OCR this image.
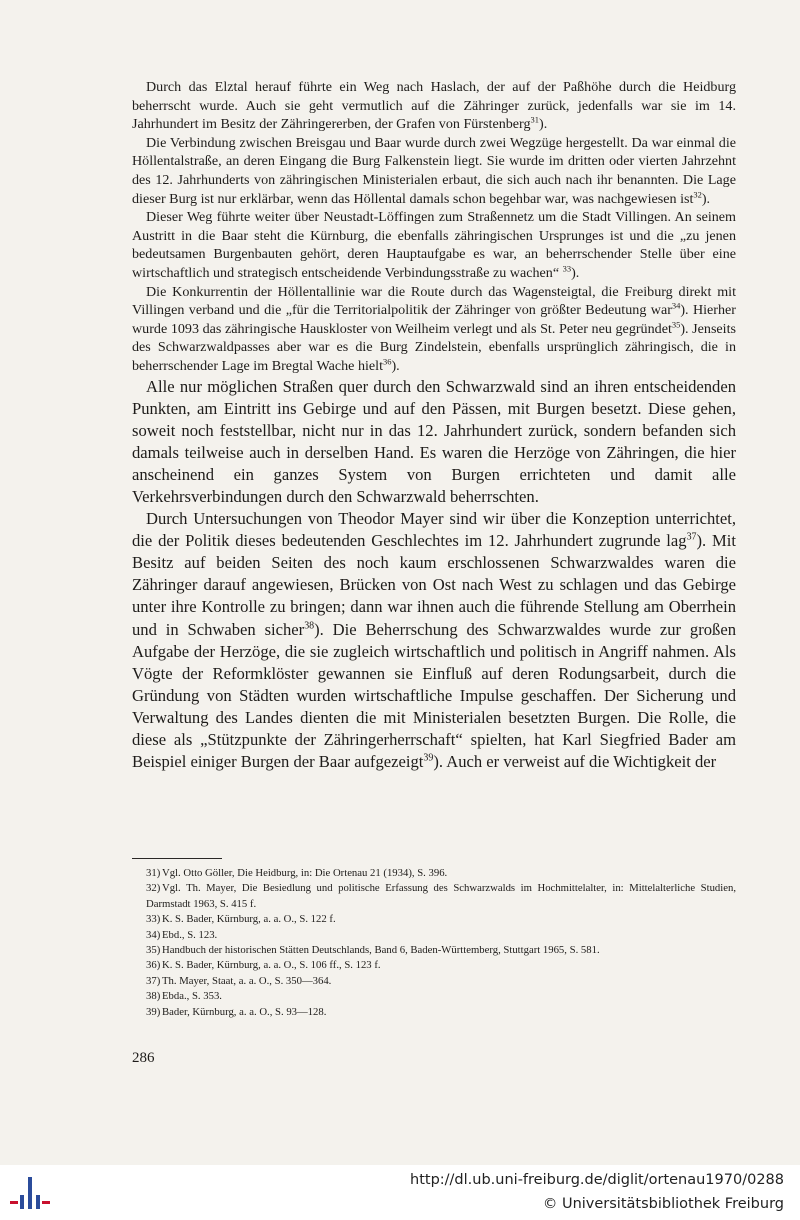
Durch das Elztal herauf führte ein Weg nach Haslach, der auf der Paßhöhe durch die Heidburg beherrscht wurde. Auch sie geht vermutlich auf die Zähringer zurück, jedenfalls war sie im 14. Jahrhundert im Besitz der Zähringererben, der Grafen von Fürstenberg$^{31}$).

Die Verbindung zwischen Breisgau und Baar wurde durch zwei Wegzüge hergestellt. Da war einmal die Höllentalstraße, an deren Eingang die Burg Falkenstein liegt. Sie wurde im dritten oder vierten Jahrzehnt des 12. Jahrhunderts von zähringischen Ministerialen erbaut, die sich auch nach ihr benannten. Die Lage dieser Burg ist nur erklärbar, wenn das Höllental damals schon begehbar war, was nachgewiesen ist$^{32}$).

Dieser Weg führte weiter über Neustadt-Löffingen zum Straßennetz um die Stadt Villingen. An seinem Austritt in die Baar steht die Kürnburg, die ebenfalls zähringischen Ursprunges ist und die „zu jenen bedeutsamen Burgenbauten gehört, deren Hauptaufgabe es war, an beherrschender Stelle über eine wirtschaftlich und strategisch entscheidende Verbindungsstraße zu wachen“ $^{33}$).

Die Konkurrentin der Höllentallinie war die Route durch das Wagensteigtal, die Freiburg direkt mit Villingen verband und die „für die Territorialpolitik der Zähringer von größter Bedeutung war$^{34}$). Hierher wurde 1093 das zähringische Hauskloster von Weilheim verlegt und als St. Peter neu gegründet$^{35}$). Jenseits des Schwarzwaldpasses aber war es die Burg Zindelstein, ebenfalls ursprünglich zähringisch, die in beherrschender Lage im Bregtal Wache hielt$^{36}$).

Alle nur möglichen Straßen quer durch den Schwarzwald sind an ihren entscheidenden Punkten, am Eintritt ins Gebirge und auf den Pässen, mit Burgen besetzt. Diese gehen, soweit noch feststellbar, nicht nur in das 12. Jahrhundert zurück, sondern befanden sich damals teilweise auch in derselben Hand. Es waren die Herzöge von Zähringen, die hier anscheinend ein ganzes System von Burgen errichteten und damit alle Verkehrsverbindungen durch den Schwarzwald beherrschten.

Durch Untersuchungen von Theodor Mayer sind wir über die Konzeption unterrichtet, die der Politik dieses bedeutenden Geschlechtes im 12. Jahrhundert zugrunde lag$^{37}$). Mit Besitz auf beiden Seiten des noch kaum erschlossenen Schwarzwaldes waren die Zähringer darauf angewiesen, Brücken von Ost nach West zu schlagen und das Gebirge unter ihre Kontrolle zu bringen; dann war ihnen auch die führende Stellung am Oberrhein und in Schwaben sicher$^{38}$). Die Beherrschung des Schwarzwaldes wurde zur großen Aufgabe der Herzöge, die sie zugleich wirtschaftlich und politisch in Angriff nahmen. Als Vögte der Reformklöster gewannen sie Einfluß auf deren Rodungsarbeit, durch die Gründung von Städten wurden wirtschaftliche Impulse geschaffen. Der Sicherung und Verwaltung des Landes dienten die mit Ministerialen besetzten Burgen. Die Rolle, die diese als „Stützpunkte der Zähringerherrschaft“ spielten, hat Karl Siegfried Bader am Beispiel einiger Burgen der Baar aufgezeigt$^{39}$). Auch er verweist auf die Wichtigkeit der

31) Vgl. Otto Göller, Die Heidburg, in: Die Ortenau 21 (1934), S. 396.

32) Vgl. Th. Mayer, Die Besiedlung und politische Erfassung des Schwarzwalds im Hochmittelalter, in: Mittelalterliche Studien, Darmstadt 1963, S. 415 f.

33) K. S. Bader, Kürnburg, a. a. O., S. 122 f.

34) Ebd., S. 123.

35) Handbuch der historischen Stätten Deutschlands, Band 6, Baden-Württemberg, Stuttgart 1965, S. 581.

36) K. S. Bader, Kürnburg, a. a. O., S. 106 ff., S. 123 f.

37) Th. Mayer, Staat, a. a. O., S. 350—364.

38) Ebda., S. 353.

39) Bader, Kürnburg, a. a. O., S. 93—128.

286
http://dl.ub.uni-freiburg.de/diglit/ortenau1970/0288
© Universitätsbibliothek Freiburg
